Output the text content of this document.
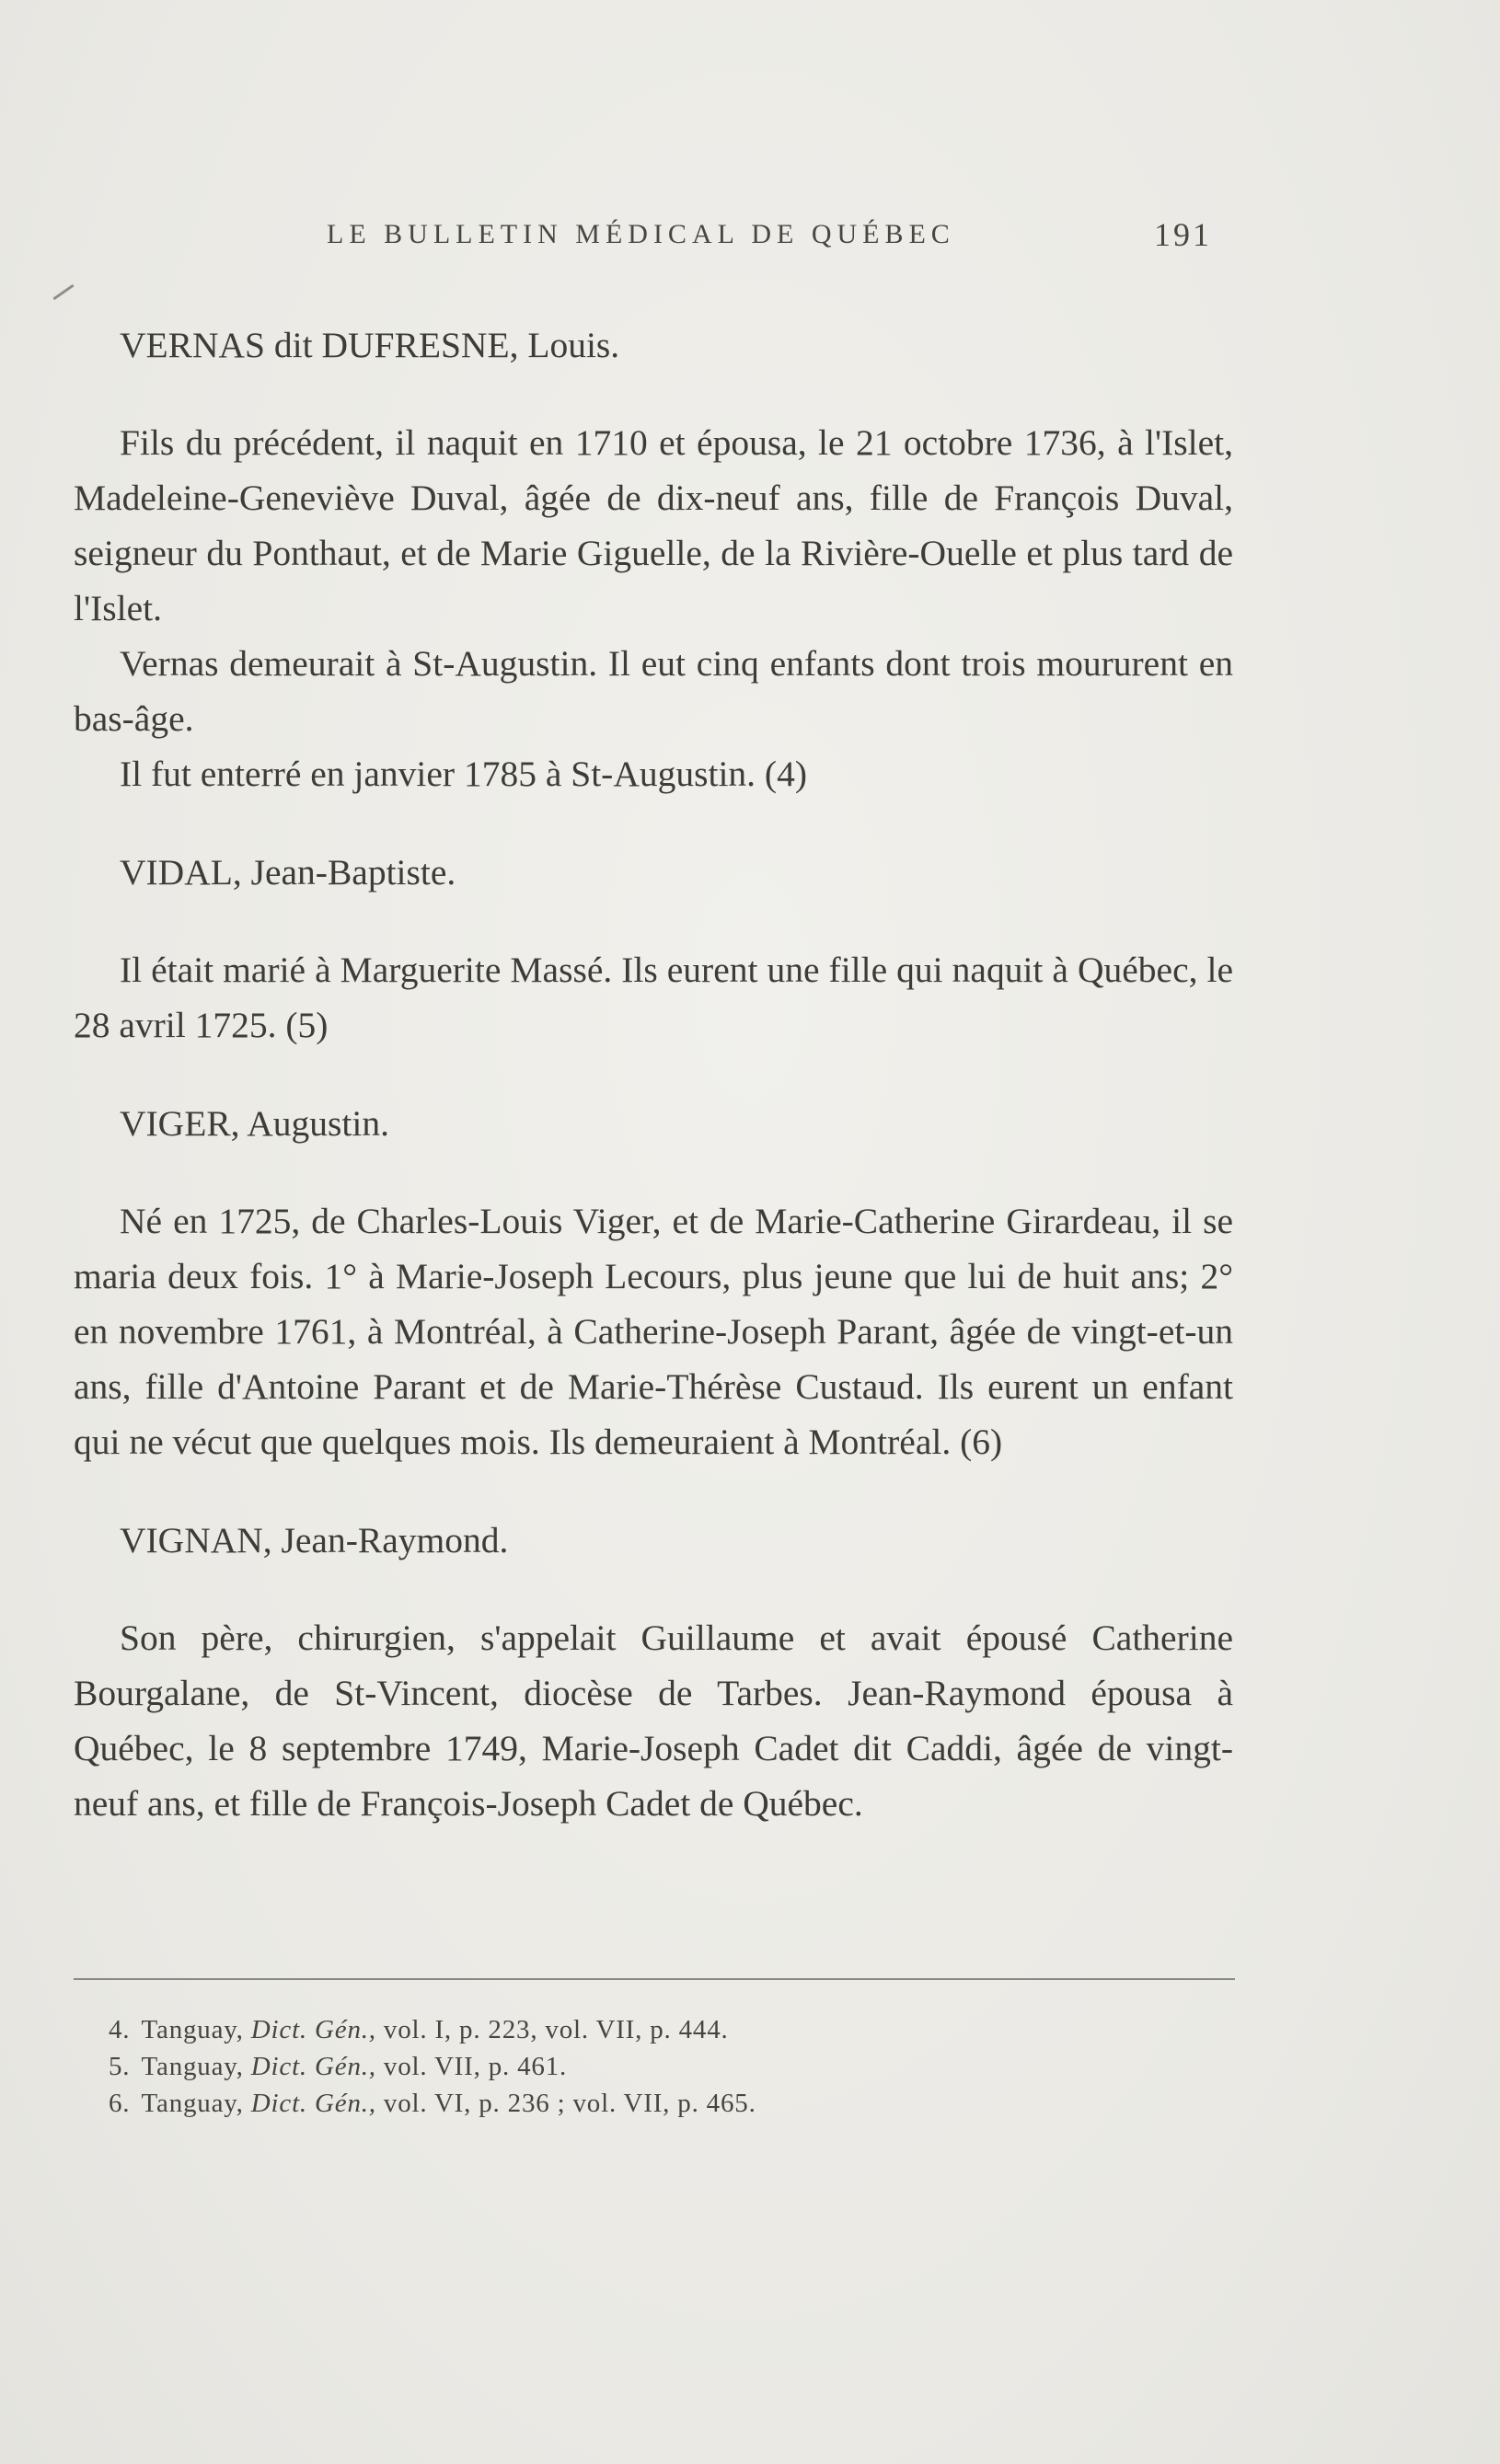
LE BULLETIN MÉDICAL DE QUÉBEC	191
VERNAS dit DUFRESNE, Louis.

Fils du précédent, il naquit en 1710 et épousa, le 21 octobre 1736, à l'Islet, Madeleine-Geneviève Duval, âgée de dix-neuf ans, fille de François Duval, seigneur du Ponthaut, et de Marie Giguelle, de la Rivière-Ouelle et plus tard de l'Islet.

Vernas demeurait à St-Augustin. Il eut cinq enfants dont trois moururent en bas-âge.

Il fut enterré en janvier 1785 à St-Augustin. (4)

VIDAL, Jean-Baptiste.

Il était marié à Marguerite Massé. Ils eurent une fille qui naquit à Québec, le 28 avril 1725. (5)

VIGER, Augustin.

Né en 1725, de Charles-Louis Viger, et de Marie-Catherine Girardeau, il se maria deux fois. 1° à Marie-Joseph Lecours, plus jeune que lui de huit ans; 2° en novembre 1761, à Montréal, à Catherine-Joseph Parant, âgée de vingt-et-un ans, fille d'Antoine Parant et de Marie-Thérèse Custaud. Ils eurent un enfant qui ne vécut que quelques mois. Ils demeuraient à Montréal. (6)

VIGNAN, Jean-Raymond.

Son père, chirurgien, s'appelait Guillaume et avait épousé Catherine Bourgalane, de St-Vincent, diocèse de Tarbes. Jean-Raymond épousa à Québec, le 8 septembre 1749, Marie-Joseph Cadet dit Caddi, âgée de vingt-neuf ans, et fille de François-Joseph Cadet de Québec.

4. Tanguay, Dict. Gén., vol. I, p. 223, vol. VII, p. 444.

5. Tanguay, Dict. Gén., vol. VII, p. 461.

6. Tanguay, Dict. Gén., vol. VI, p. 236 ; vol. VII, p. 465.
